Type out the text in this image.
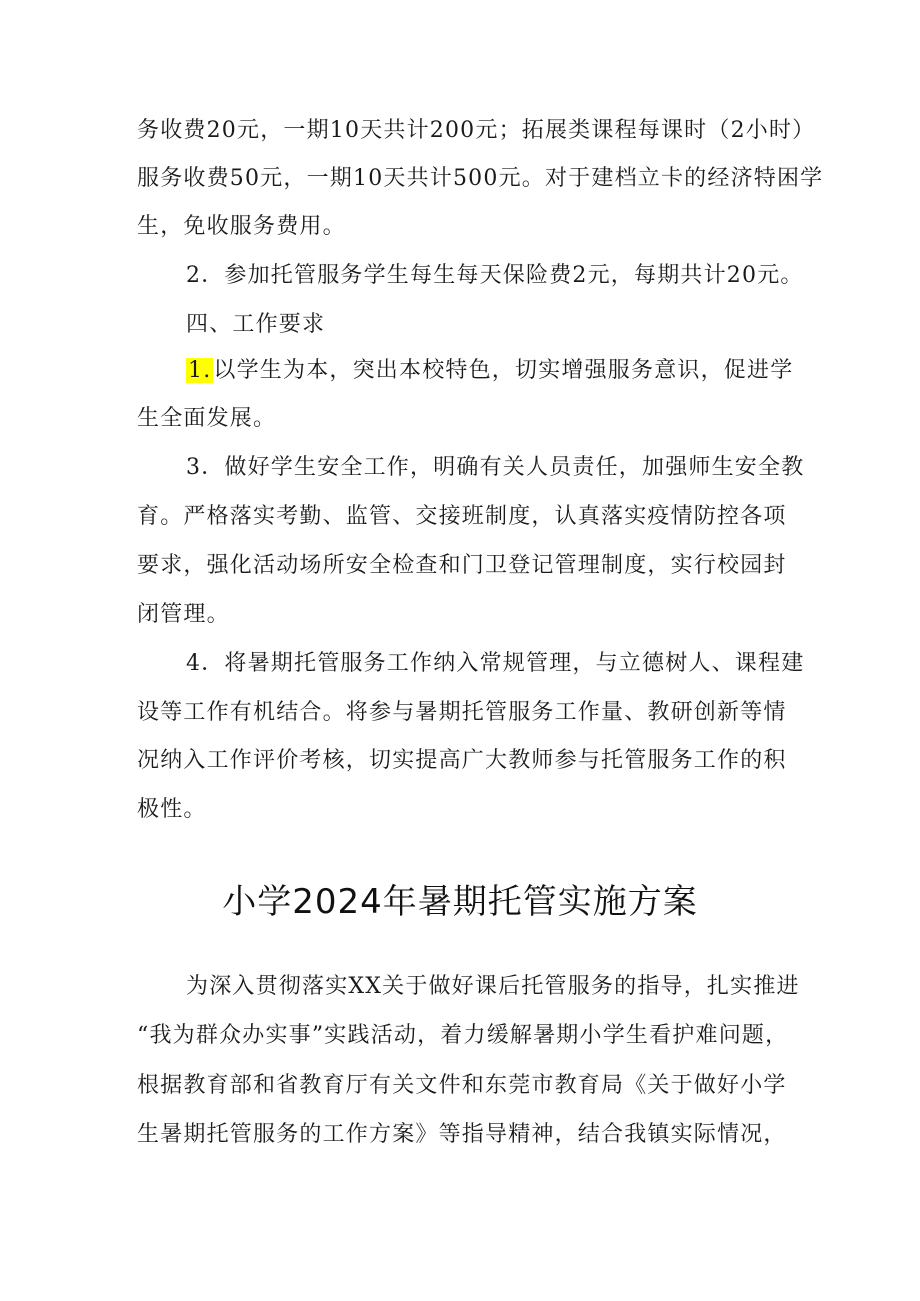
务收费20元，一期10天共计200元；拓展类课程每课时（2小时）
服务收费50元，一期10天共计500元。对于建档立卡的经济特困学
生，免收服务费用。
2．参加托管服务学生每生每天保险费2元，每期共计20元。
四、工作要求
1.以学生为本，突出本校特色，切实增强服务意识，促进学
生全面发展。
3．做好学生安全工作，明确有关人员责任，加强师生安全教
育。严格落实考勤、监管、交接班制度，认真落实疫情防控各项
要求，强化活动场所安全检查和门卫登记管理制度，实行校园封
闭管理。
4．将暑期托管服务工作纳入常规管理，与立德树人、课程建
设等工作有机结合。将参与暑期托管服务工作量、教研创新等情
况纳入工作评价考核，切实提高广大教师参与托管服务工作的积
极性。
小学2024年暑期托管实施方案
为深入贯彻落实XX关于做好课后托管服务的指导，扎实推进
“我为群众办实事”实践活动，着力缓解暑期小学生看护难问题，
根据教育部和省教育厅有关文件和东莞市教育局《关于做好小学
生暑期托管服务的工作方案》等指导精神，结合我镇实际情况，
